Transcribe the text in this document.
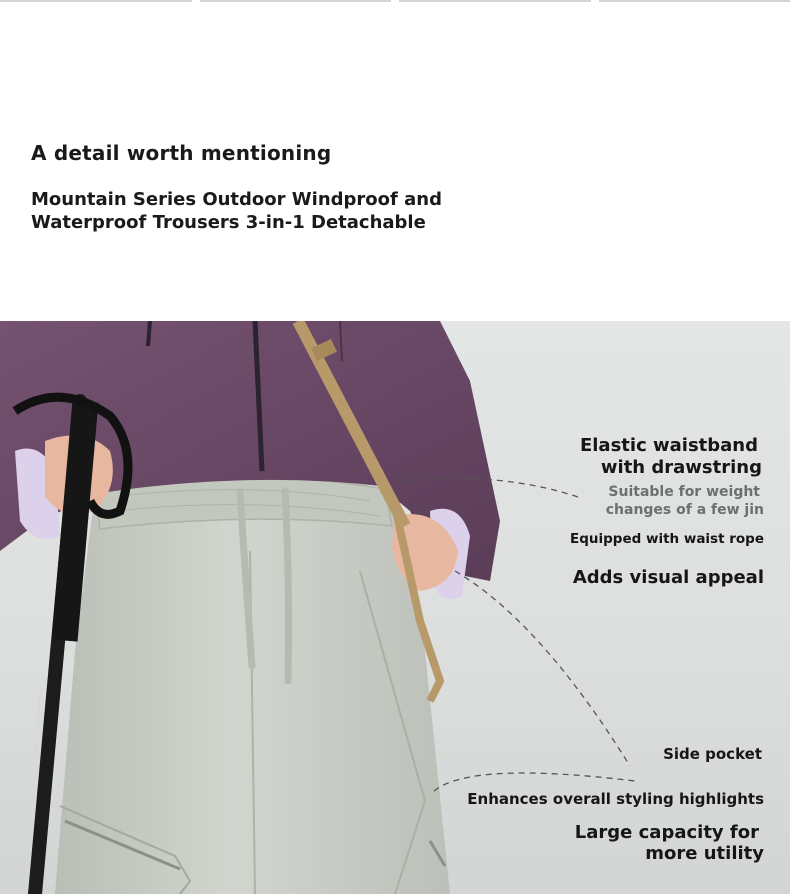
A detail worth mentioning
Mountain Series Outdoor Windproof and Waterproof Trousers 3-in-1 Detachable
Elastic waistband
with drawstring
Suitable for weight
changes of a few jin
Equipped with waist rope
Adds visual appeal
Side pocket
Enhances overall styling highlights
Large capacity for
more utility
